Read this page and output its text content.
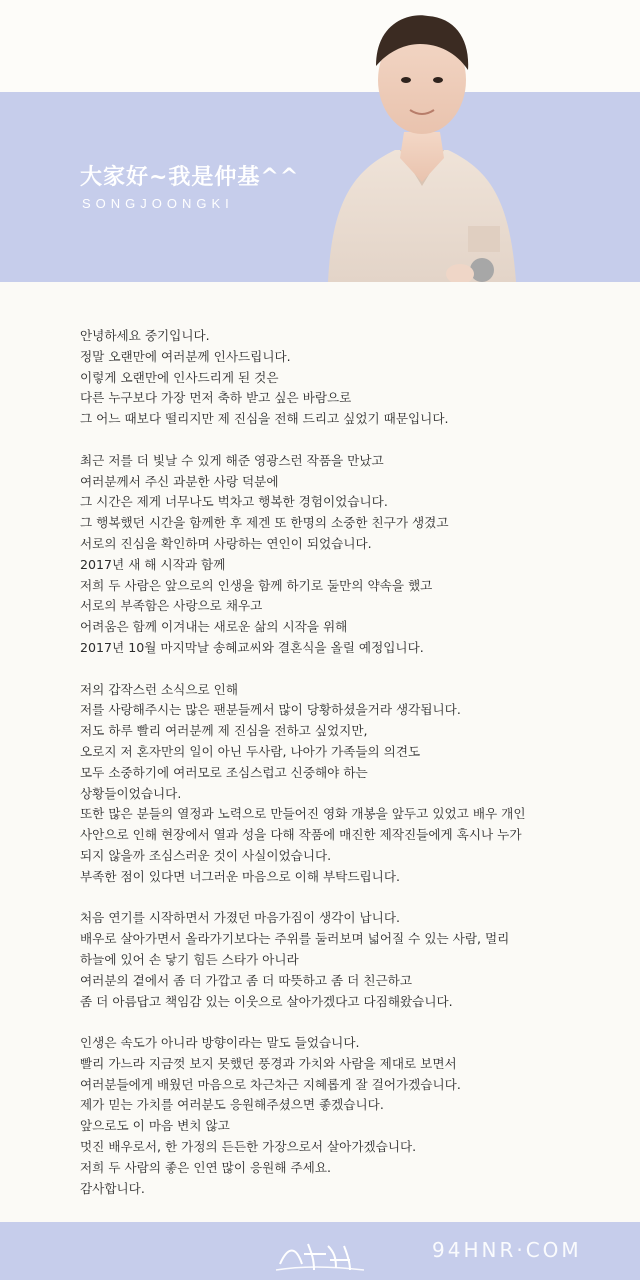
大家好~我是仲基^^
SONGJOONGKI
안녕하세요 중기입니다.
정말 오랜만에 여러분께 인사드립니다.
이렇게 오랜만에 인사드리게 된 것은
다른 누구보다 가장 먼저 축하 받고 싶은 바람으로
그 어느 때보다 떨리지만 제 진심을 전해 드리고 싶었기 때문입니다.
최근 저를 더 빛날 수 있게 해준 영광스런 작품을 만났고
여러분께서 주신 과분한 사랑 덕분에
그 시간은 제게 너무나도 벅차고 행복한 경험이었습니다.
그 행복했던 시간을 함께한 후 제겐 또 한명의 소중한 친구가 생겼고
서로의 진심을 확인하며 사랑하는 연인이 되었습니다.
2017년 새 해 시작과 함께
저희 두 사람은 앞으로의 인생을 함께 하기로 둘만의 약속을 했고
서로의 부족함은 사랑으로 채우고
어려움은 함께 이겨내는 새로운 삶의 시작을 위해
2017년 10월 마지막날 송혜교씨와 결혼식을 올릴 예정입니다.
저의 갑작스런 소식으로 인해
저를 사랑해주시는 많은 팬분들께서 많이 당황하셨을거라 생각됩니다.
저도 하루 빨리 여러분께 제 진심을 전하고 싶었지만,
오로지 저 혼자만의 일이 아닌 두사람, 나아가 가족들의 의견도
모두 소중하기에 여러모로 조심스럽고 신중해야 하는
상황들이었습니다.
또한 많은 분들의 열정과 노력으로 만들어진 영화 개봉을 앞두고 있었고 배우 개인
사안으로 인해 현장에서 열과 성을 다해 작품에 매진한 제작진들에게 혹시나 누가
되지 않을까 조심스러운 것이 사실이었습니다.
부족한 점이 있다면 너그러운 마음으로 이해 부탁드립니다.
처음 연기를 시작하면서 가졌던 마음가짐이 생각이 납니다.
배우로 살아가면서 올라가기보다는 주위를 둘러보며 넓어질 수 있는 사람, 멀리
하늘에 있어 손 닿기 힘든 스타가 아니라
여러분의 곁에서 좀 더 가깝고 좀 더 따뜻하고 좀 더 친근하고
좀 더 아름답고 책임감 있는 이웃으로 살아가겠다고 다짐해왔습니다.
인생은 속도가 아니라 방향이라는 말도 들었습니다.
빨리 가느라 지금껏 보지 못했던 풍경과 가치와 사람을 제대로 보면서
여러분들에게 배웠던 마음으로 차근차근 지혜롭게 잘 걸어가겠습니다.
제가 믿는 가치를 여러분도 응원해주셨으면 좋겠습니다.
앞으로도 이 마음 변치 않고
멋진 배우로서, 한 가정의 든든한 가장으로서 살아가겠습니다.
저희 두 사람의 좋은 인연 많이 응원해 주세요.
감사합니다.
94HNR·COM
